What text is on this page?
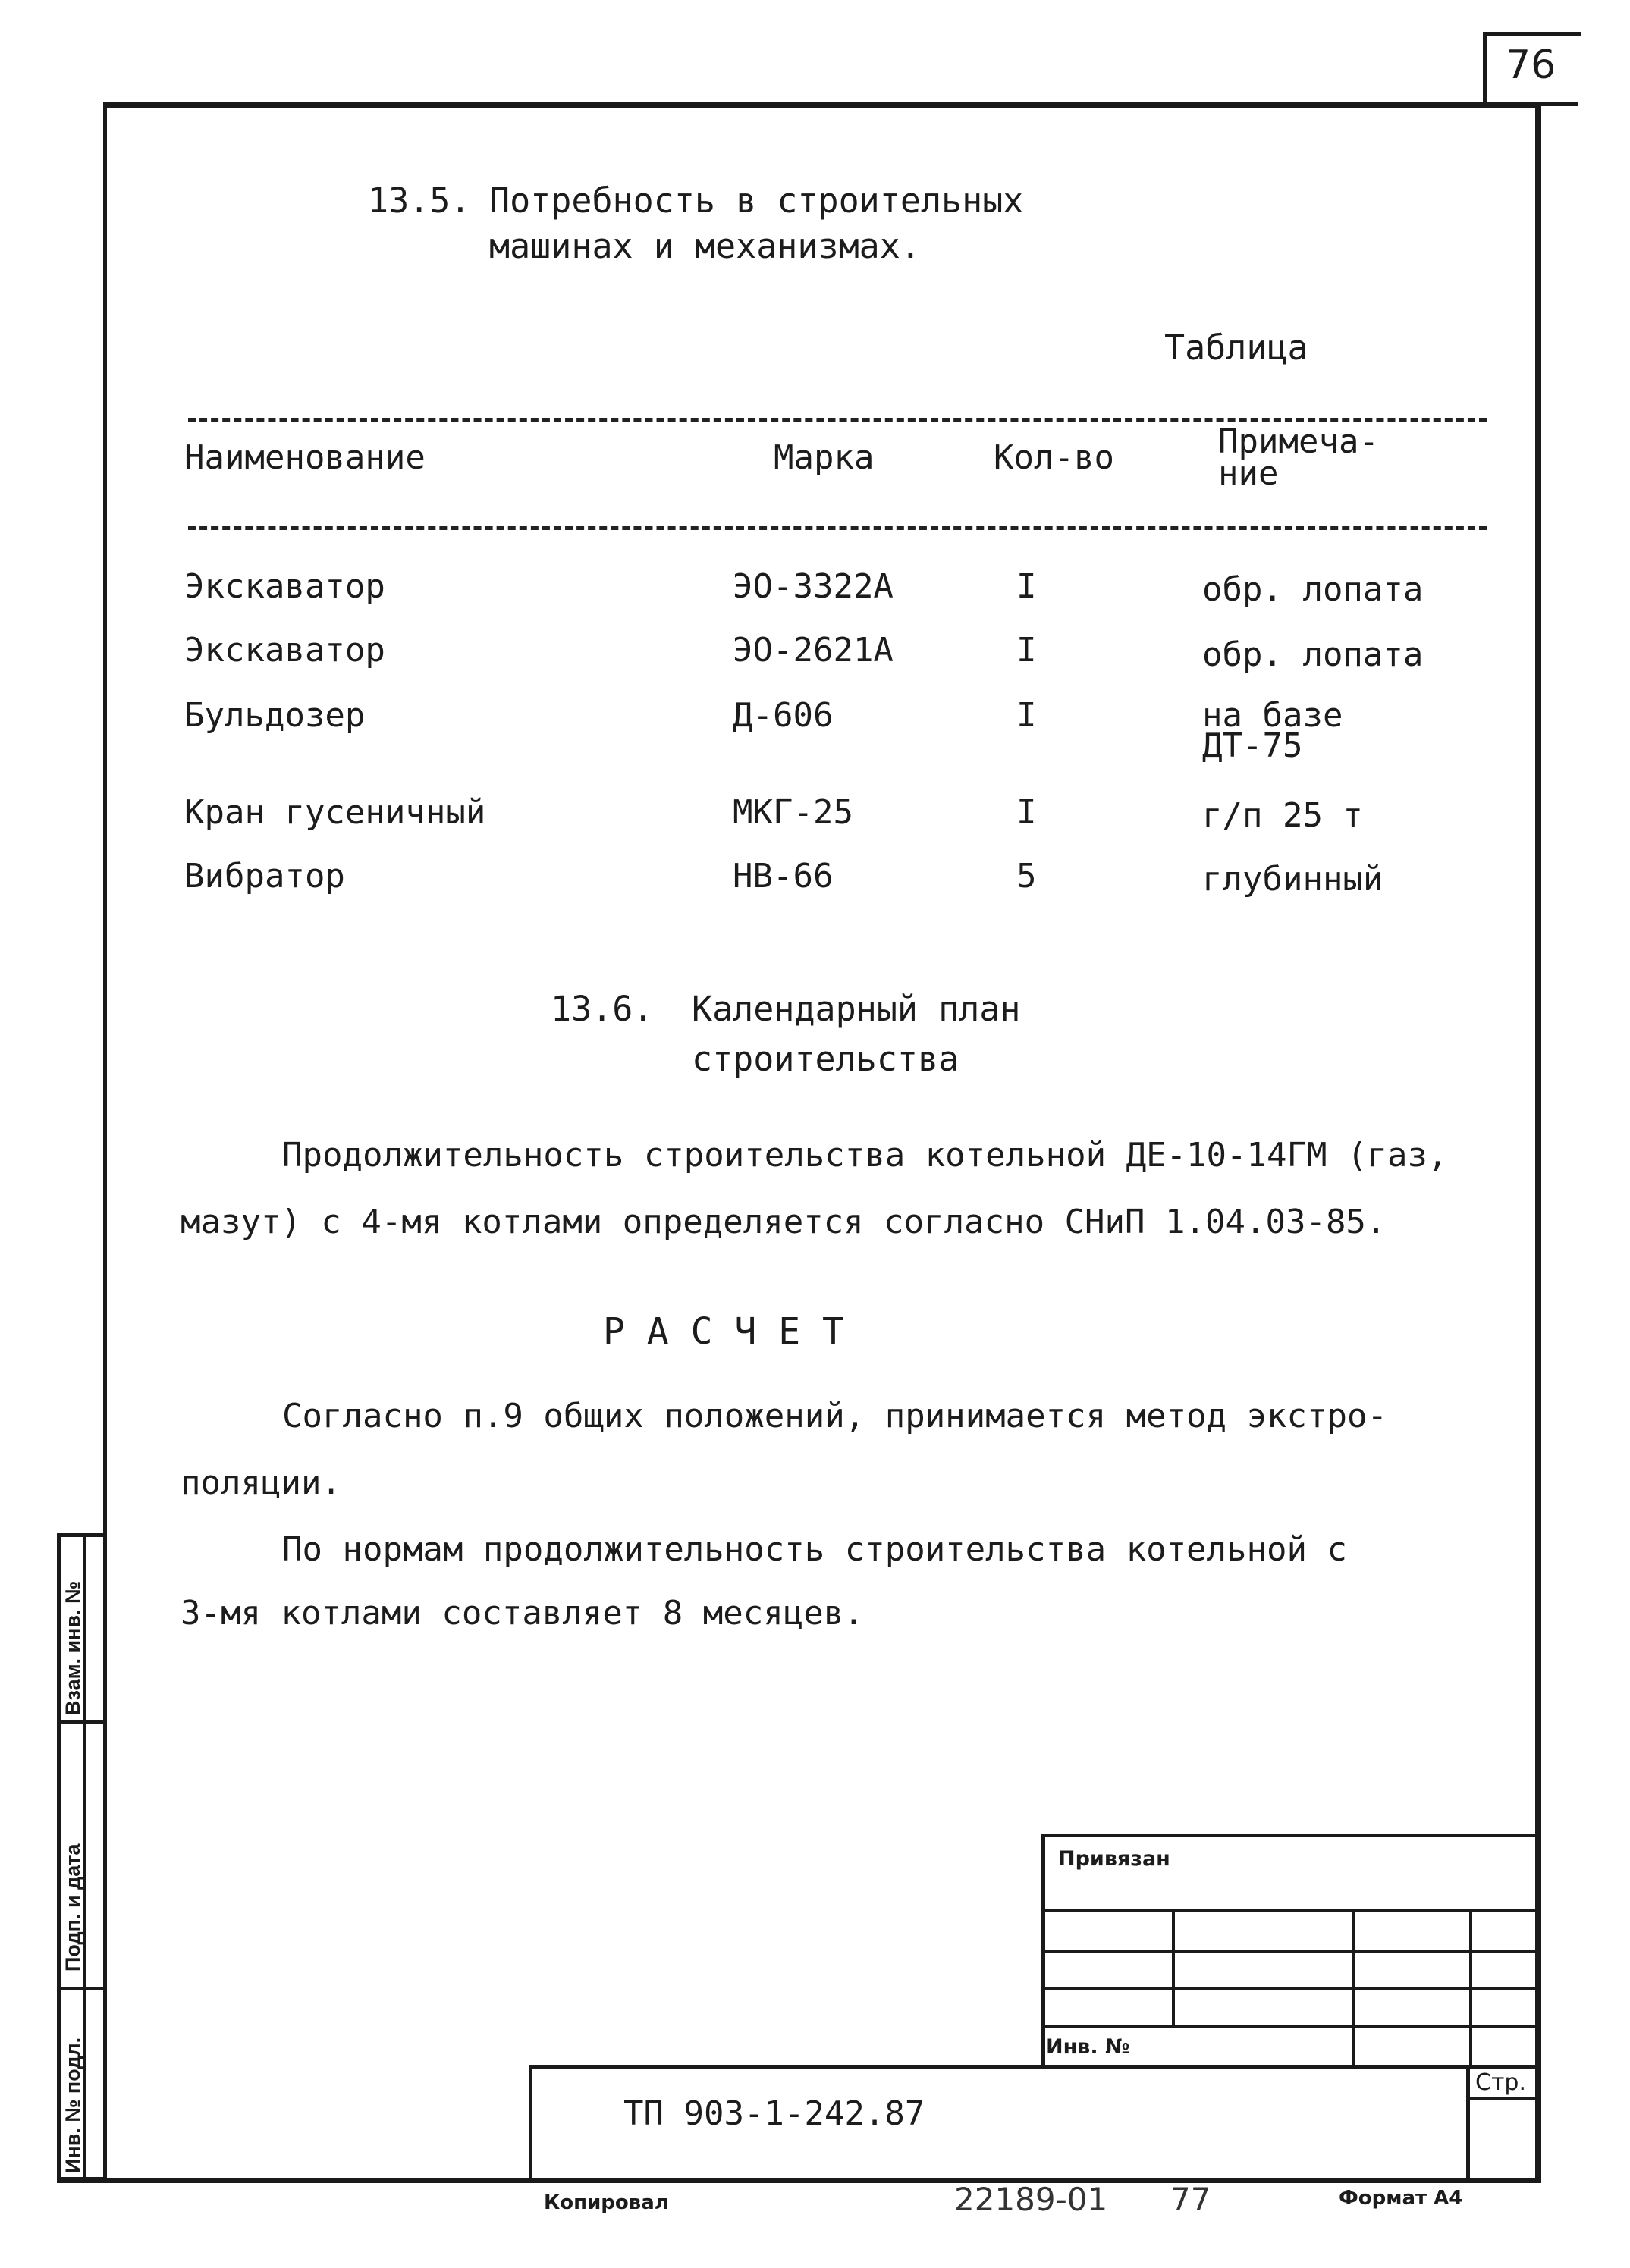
76
13.5. Потребность в строительных
машинах и механизмах.
Таблица
Наименование	Марка	Кол-во	Примеча-
ние
Экскаватор	ЭО-3322А	I	обр. лопата
Экскаватор	ЭО-2621А	I	обр. лопата
Бульдозер	Д-606	I	на базе
ДТ-75
Кран гусеничный	МКГ-25	I	г/п 25 т
Вибратор	НВ-66	5	глубинный
13.6. Календарный план
строительства
Продолжительность строительства котельной ДЕ-10-14ГМ (газ,
мазут) с 4-мя котлами определяется согласно СНиП 1.04.03-85.
Р А С Ч Е Т
Согласно п.9 общих положений, принимается метод экстро-
поляции.
По нормам продолжительность строительства котельной с
3-мя котлами составляет 8 месяцев.
Инв. № подл.
Подп. и дата
Взам. инв. №
Привязан
Инв. №
Стр.
ТП 903-1-242.87
Копировал	22189-01 77	Формат А4
